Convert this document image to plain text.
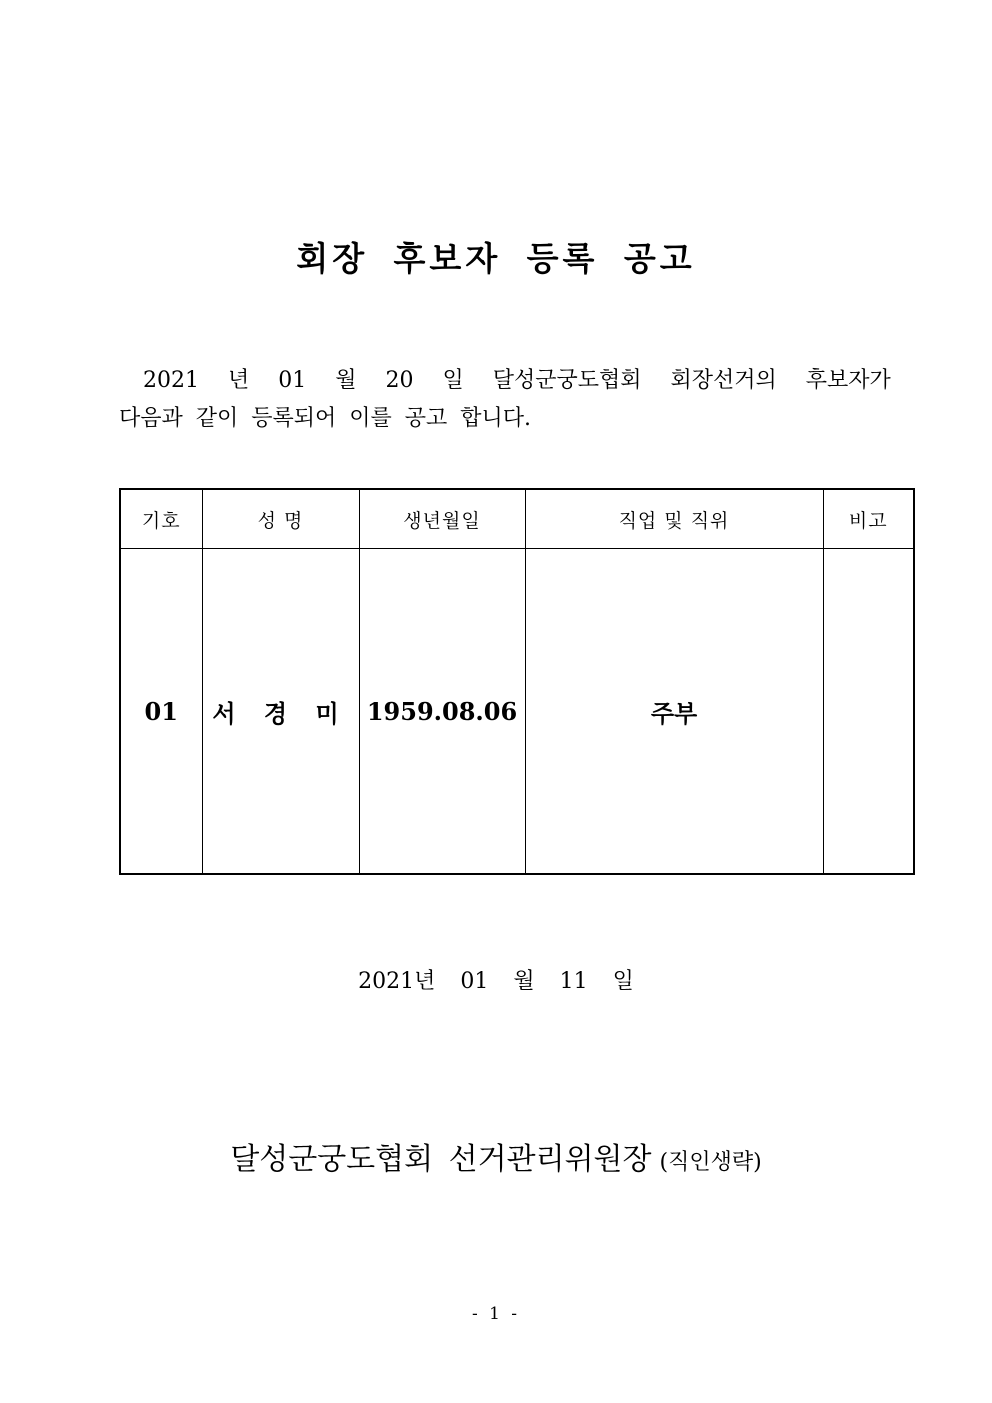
회장 후보자 등록 공고
2021 년 01 월 20 일 달성군궁도협회 회장선거의 후보자가
다음과 같이 등록되어 이를 공고 합니다.
기호	성 명	생년월일	직업 및 직위	비고
01	서 경 미	1959.08.06	주부	
2021년 01 월 11 일
달성군궁도협회 선거관리위원장 (직인생략)
- 1 -
